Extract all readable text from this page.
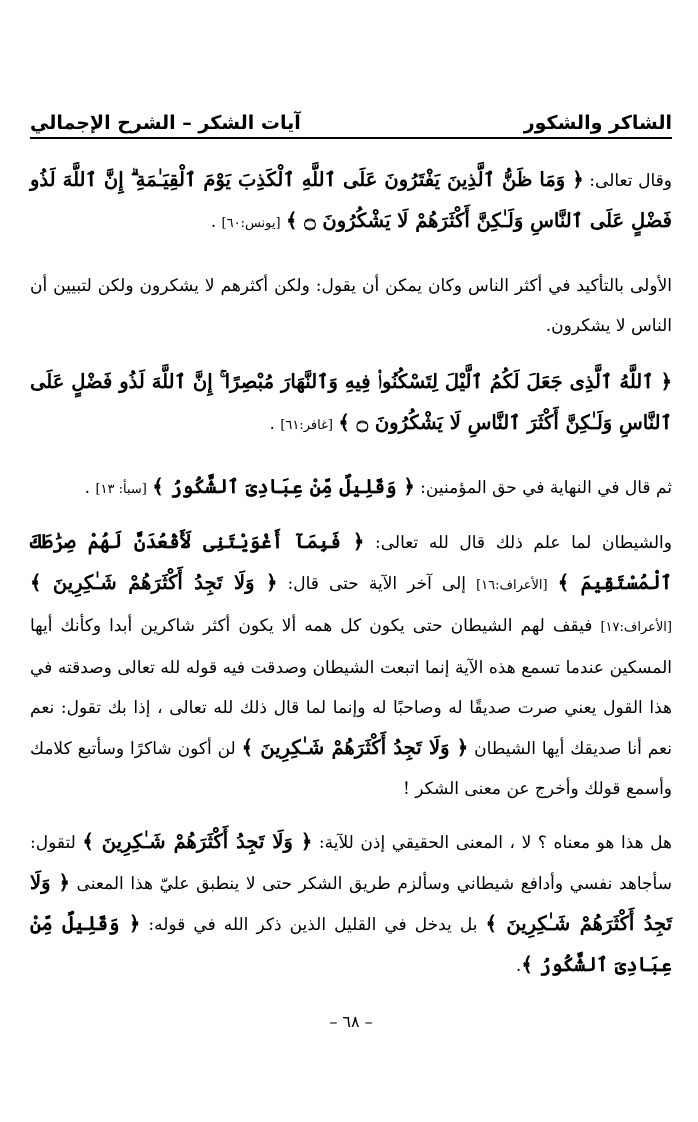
الشاكر والشكور
آيات الشكر – الشرح الإجمالي
وقال تعالى: ﴿ وَمَا ظَنُّ ٱلَّذِينَ يَفْتَرُونَ عَلَى ٱللَّهِ ٱلْكَذِبَ يَوْمَ ٱلْقِيَـٰمَةِ ۗ إِنَّ ٱللَّهَ لَذُو فَضْلٍ عَلَى ٱلنَّاسِ وَلَـٰكِنَّ أَكْثَرَهُمْ لَا يَشْكُرُونَ ۝ ﴾ [يونس:٦٠] .
الأولى بالتأكيد في أكثر الناس وكان يمكن أن يقول: ولكن أكثرهم لا يشكرون ولكن لتبيين أن الناس لا يشكرون.
﴿ ٱللَّهُ ٱلَّذِى جَعَلَ لَكُمُ ٱلَّيْلَ لِتَسْكُنُوا۟ فِيهِ وَٱلنَّهَارَ مُبْصِرًا ۚ إِنَّ ٱللَّهَ لَذُو فَضْلٍ عَلَى ٱلنَّاسِ وَلَـٰكِنَّ أَكْثَرَ ٱلنَّاسِ لَا يَشْكُرُونَ ۝ ﴾ [غافر:٦١] .
ثم قال في النهاية في حق المؤمنين: ﴿ وَقَلِيلٌ مِّنْ عِبَادِىَ ٱلشَّكُورُ ﴾ [سبأ: ١٣] .
والشيطان لما علم ذلك قال لله تعالى: ﴿ فَبِمَآ أَغْوَيْتَنِى لَأَقْعُدَنَّ لَهُمْ صِرَٰطَكَ ٱلْمُسْتَقِيمَ ﴾ [الأعراف:١٦] إلى آخر الآية حتى قال: ﴿ وَلَا تَجِدُ أَكْثَرَهُمْ شَـٰكِرِينَ ﴾ [الأعراف:١٧] فيقف لهم الشيطان حتى يكون كل همه ألا يكون أكثر شاكرين أبدا وكأنك أيها المسكين عندما تسمع هذه الآية إنما اتبعت الشيطان وصدقت فيه قوله لله تعالى وصدقته في هذا القول يعني صرت صديقًا له وصاحبًا له وإنما لما قال ذلك لله تعالى ، إذا بك تقول: نعم نعم أنا صديقك أيها الشيطان ﴿ وَلَا تَجِدُ أَكْثَرَهُمْ شَـٰكِرِينَ ﴾ لن أكون شاكرًا وسأتبع كلامك وأسمع قولك وأخرج عن معنى الشكر !
هل هذا هو معناه ؟ لا ، المعنى الحقيقي إذن للآية: ﴿ وَلَا تَجِدُ أَكْثَرَهُمْ شَـٰكِرِينَ ﴾ لتقول: سأجاهد نفسي وأدافع شيطاني وسألزم طريق الشكر حتى لا ينطبق عليّ هذا المعنى ﴿ وَلَا تَجِدُ أَكْثَرَهُمْ شَـٰكِرِينَ ﴾ بل يدخل في القليل الذين ذكر الله في قوله: ﴿ وَقَلِيلٌ مِّنْ عِبَادِىَ ٱلشَّكُورُ ﴾.
– ٦٨ –
